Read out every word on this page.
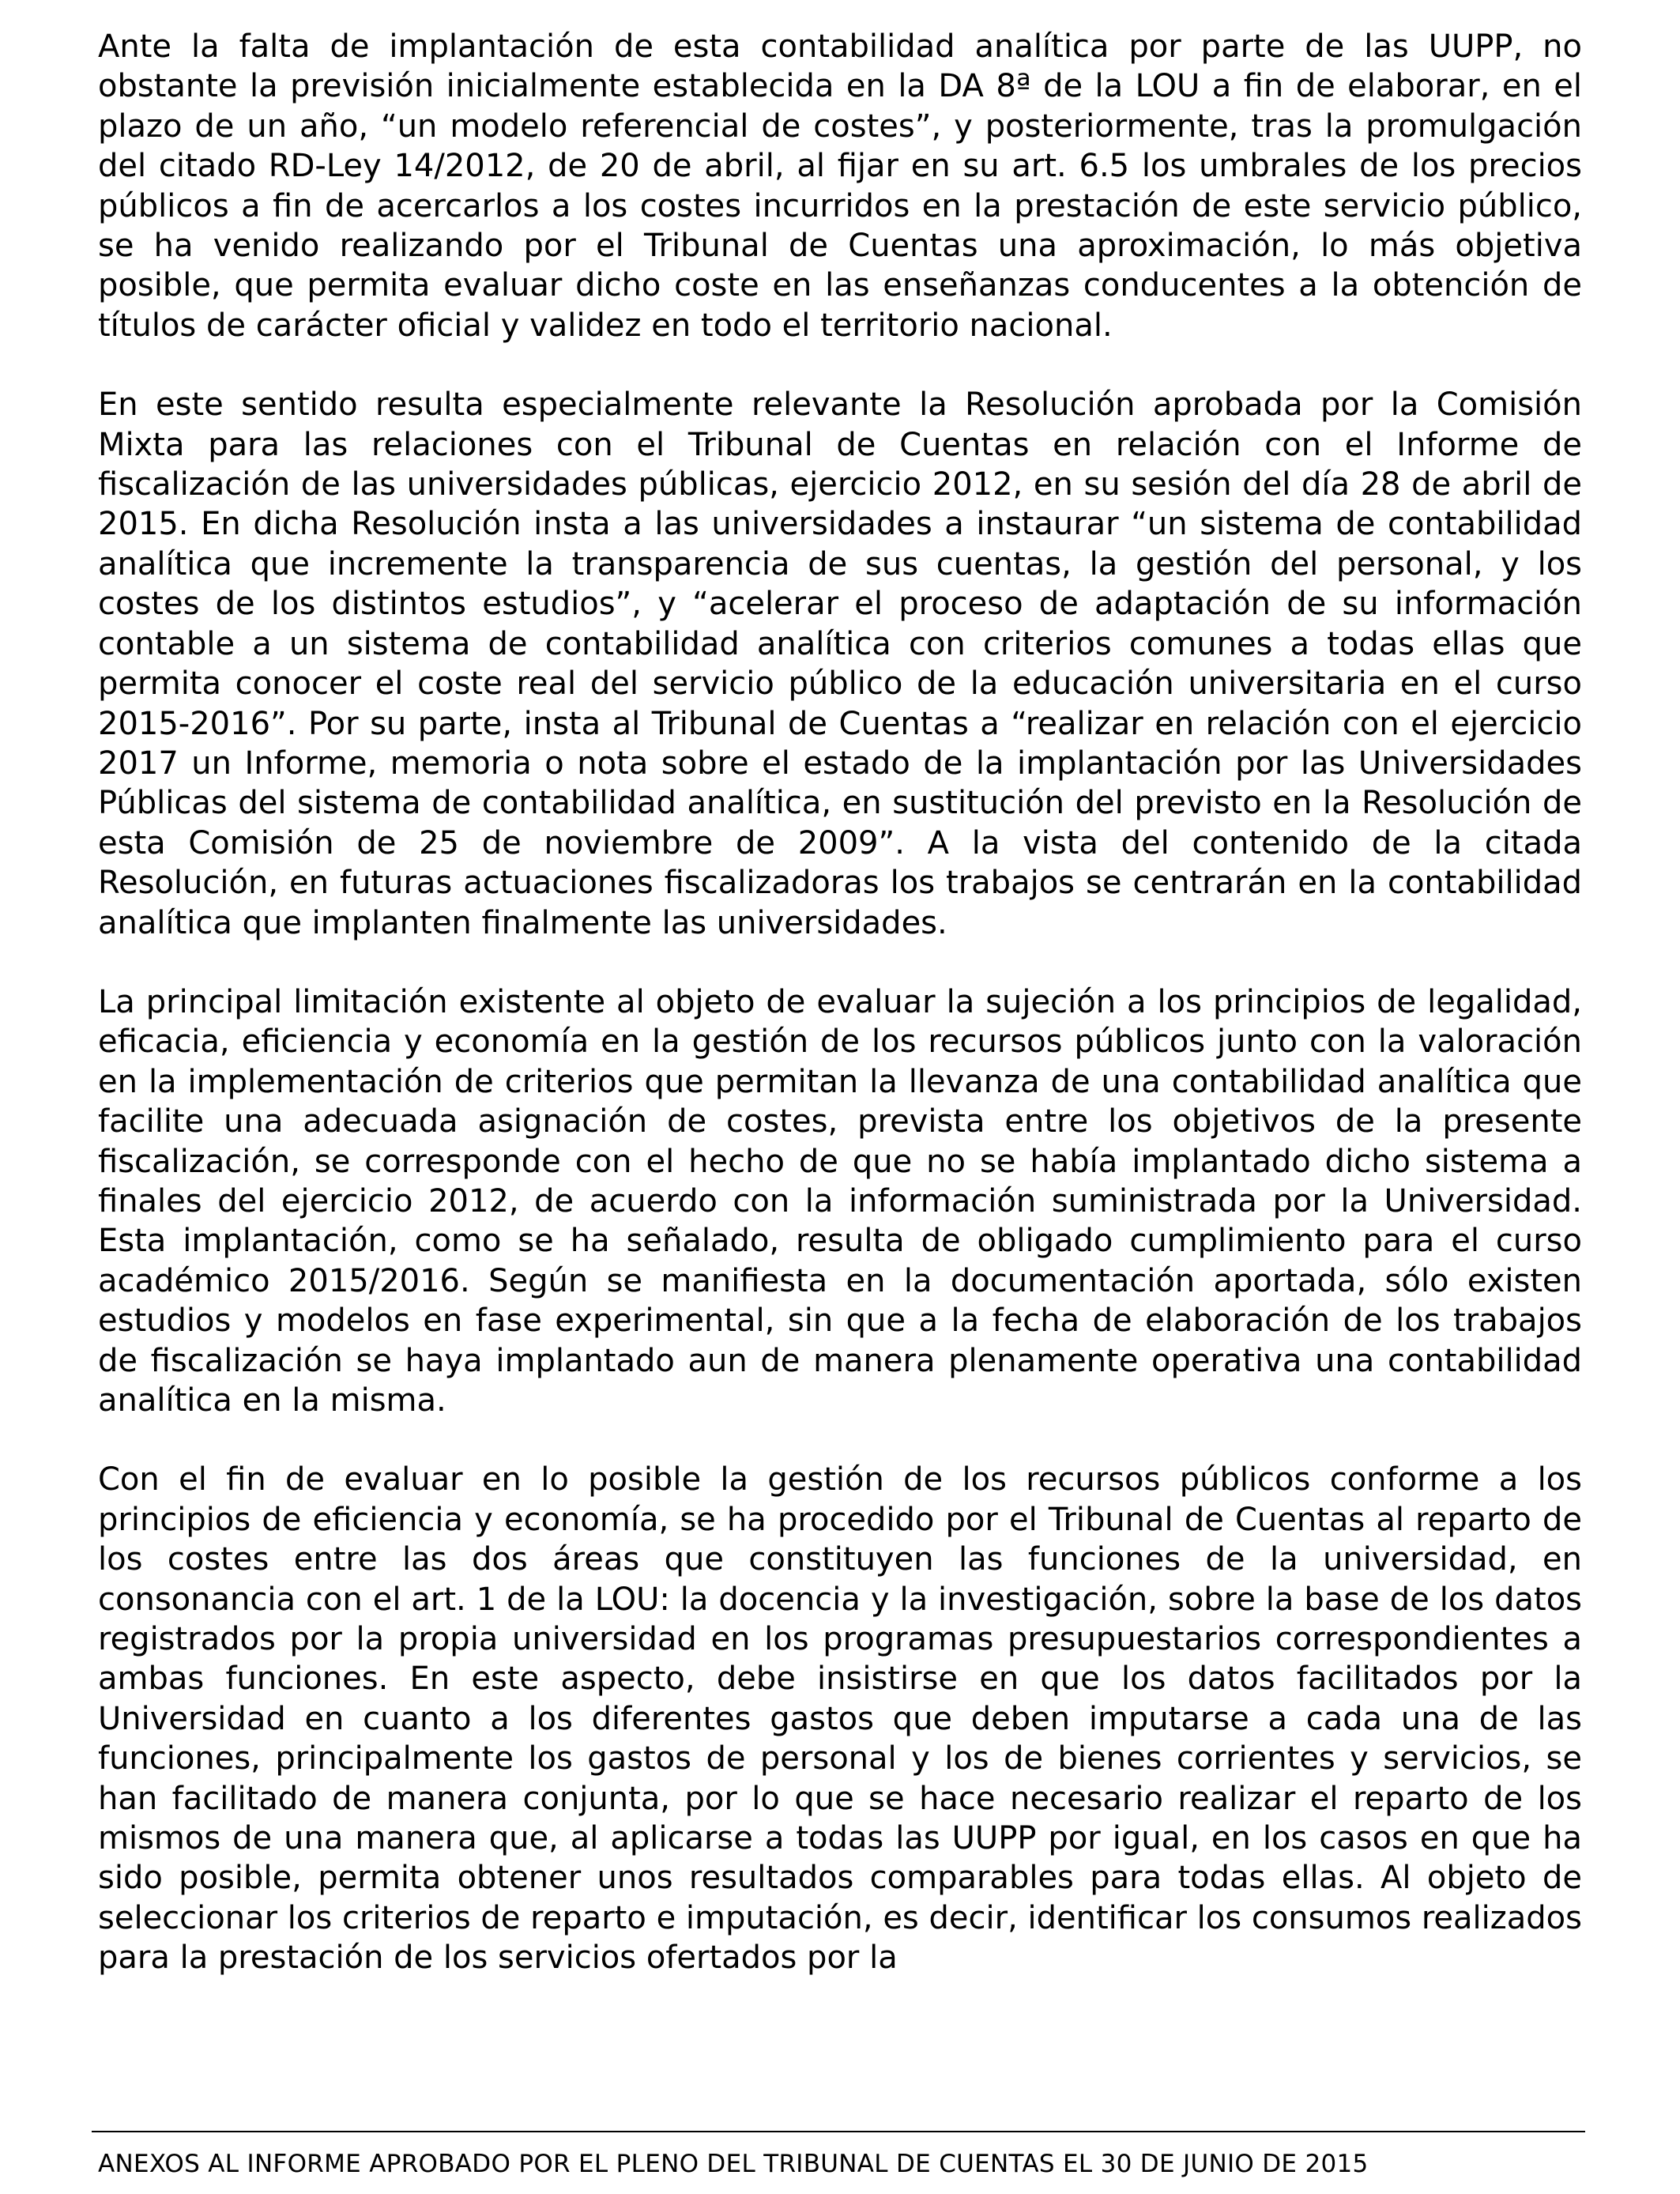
Ante la falta de implantación de esta contabilidad analítica por parte de las UUPP, no obstante la previsión inicialmente establecida en la DA 8ª de la LOU a fin de elaborar, en el plazo de un año, “un modelo referencial de costes”, y posteriormente, tras la promulgación del citado RD-Ley 14/2012, de 20 de abril, al fijar en su art. 6.5 los umbrales de los precios públicos a fin de acercarlos a los costes incurridos en la prestación de este servicio público, se ha venido realizando por el Tribunal de Cuentas una aproximación, lo más objetiva posible, que permita evaluar dicho coste en las enseñanzas conducentes a la obtención de títulos de carácter oficial y validez en todo el territorio nacional.

En este sentido resulta especialmente relevante la Resolución aprobada por la Comisión Mixta para las relaciones con el Tribunal de Cuentas en relación con el Informe de fiscalización de las universidades públicas, ejercicio 2012, en su sesión del día 28 de abril de 2015. En dicha Resolución insta a las universidades a instaurar “un sistema de contabilidad analítica que incremente la transparencia de sus cuentas, la gestión del personal, y los costes de los distintos estudios”, y “acelerar el proceso de adaptación de su información contable a un sistema de contabilidad analítica con criterios comunes a todas ellas que permita conocer el coste real del servicio público de la educación universitaria en el curso 2015-2016”. Por su parte, insta al Tribunal de Cuentas a “realizar en relación con el ejercicio 2017 un Informe, memoria o nota sobre el estado de la implantación por las Universidades Públicas del sistema de contabilidad analítica, en sustitución del previsto en la Resolución de esta Comisión de 25 de noviembre de 2009”. A la vista del contenido de la citada Resolución, en futuras actuaciones fiscalizadoras los trabajos se centrarán en la contabilidad analítica que implanten finalmente las universidades.

La principal limitación existente al objeto de evaluar la sujeción a los principios de legalidad, eficacia, eficiencia y economía en la gestión de los recursos públicos junto con la valoración en la implementación de criterios que permitan la llevanza de una contabilidad analítica que facilite una adecuada asignación de costes, prevista entre los objetivos de la presente fiscalización, se corresponde con el hecho de que no se había implantado dicho sistema a finales del ejercicio 2012, de acuerdo con la información suministrada por la Universidad. Esta implantación, como se ha señalado, resulta de obligado cumplimiento para el curso académico 2015/2016. Según se manifiesta en la documentación aportada, sólo existen estudios y modelos en fase experimental, sin que a la fecha de elaboración de los trabajos de fiscalización se haya implantado aun de manera plenamente operativa una contabilidad analítica en la misma.

Con el fin de evaluar en lo posible la gestión de los recursos públicos conforme a los principios de eficiencia y economía, se ha procedido por el Tribunal de Cuentas al reparto de los costes entre las dos áreas que constituyen las funciones de la universidad, en consonancia con el art. 1 de la LOU: la docencia y la investigación, sobre la base de los datos registrados por la propia universidad en los programas presupuestarios correspondientes a ambas funciones. En este aspecto, debe insistirse en que los datos facilitados por la Universidad en cuanto a los diferentes gastos que deben imputarse a cada una de las funciones, principalmente los gastos de personal y los de bienes corrientes y servicios, se han facilitado de manera conjunta, por lo que se hace necesario realizar el reparto de los mismos de una manera que, al aplicarse a todas las UUPP por igual, en los casos en que ha sido posible, permita obtener unos resultados comparables para todas ellas. Al objeto de seleccionar los criterios de reparto e imputación, es decir, identificar los consumos realizados para la prestación de los servicios ofertados por la

ANEXOS AL INFORME APROBADO POR EL PLENO DEL TRIBUNAL DE CUENTAS EL 30 DE JUNIO DE 2015
